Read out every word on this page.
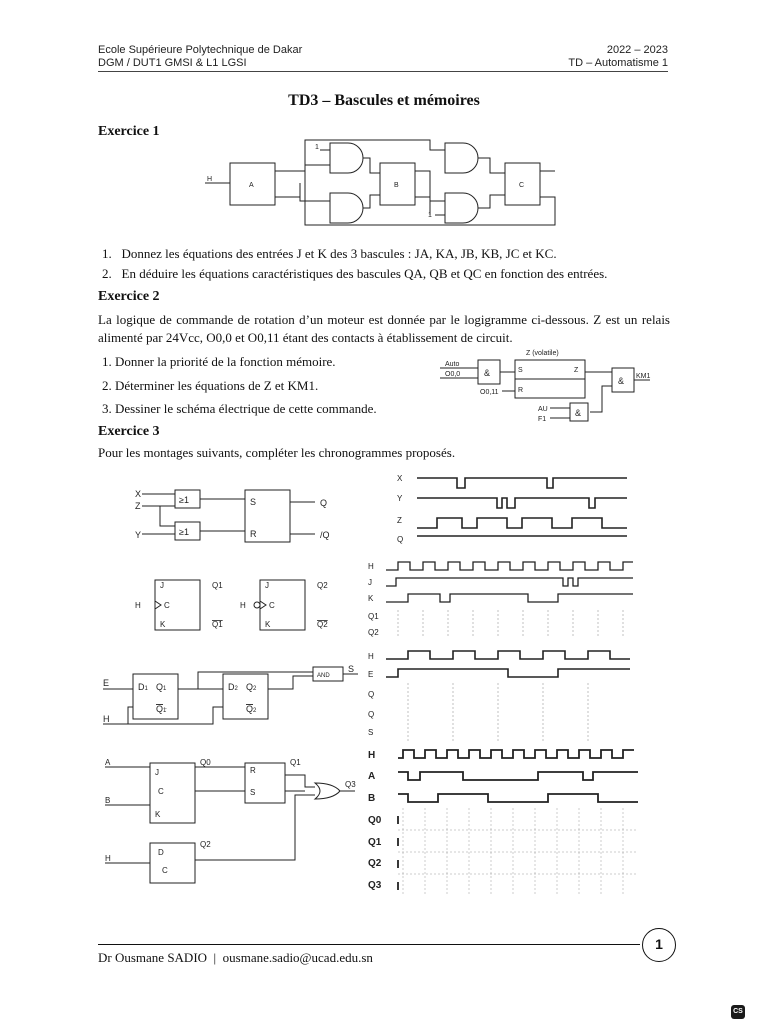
Ecole Supérieure Polytechnique de Dakar
DGM / DUT1 GMSI & L1 LGSI
2022 – 2023
TD – Automatisme 1
TD3 – Bascules et mémoires
Exercice 1
H
A	B	C
1
1
1.   Donnez les équations des entrées J et K des 3 bascules : JA, KA, JB, KB, JC et KC.
2.   En déduire les équations caractéristiques des bascules QA, QB et QC en fonction des entrées.
Exercice 2
La logique de commande de rotation d’un moteur est donnée par le logigramme ci-dessous. Z est un relais alimenté par 24Vcc, O0,0 et O0,11 étant des contacts à établissement de circuit.
1. Donner la priorité de la fonction mémoire.
2. Déterminer les équations de Z et KM1.
3. Dessiner le schéma électrique de cette commande.
Auto
O0,0	&
Z (volatile)
S	Z
R
O0,11
& KM1
&
AU
F1
Exercice 3
Pour les montages suivants, compléter les chronogrammes proposés.
X
Z
Y
≥1
≥1
S
R
Q
/Q
J
C
K
H
Q1
Q1
J
C
K
H
Q2
Q2
E
H
D1 Q1
Q1
D2 Q2
Q2
AND
S
A
B
H
J
C
K
Q0
R
S
Q1
Q3
D
C
Q2
X
Y
Z
Q
H
J
K
Q1
Q2
H
E
Q
Q
S
H
A
B
Q0
Q1
Q2
Q3
1
Dr Ousmane SADIO | ousmane.sadio@ucad.edu.sn
CS
